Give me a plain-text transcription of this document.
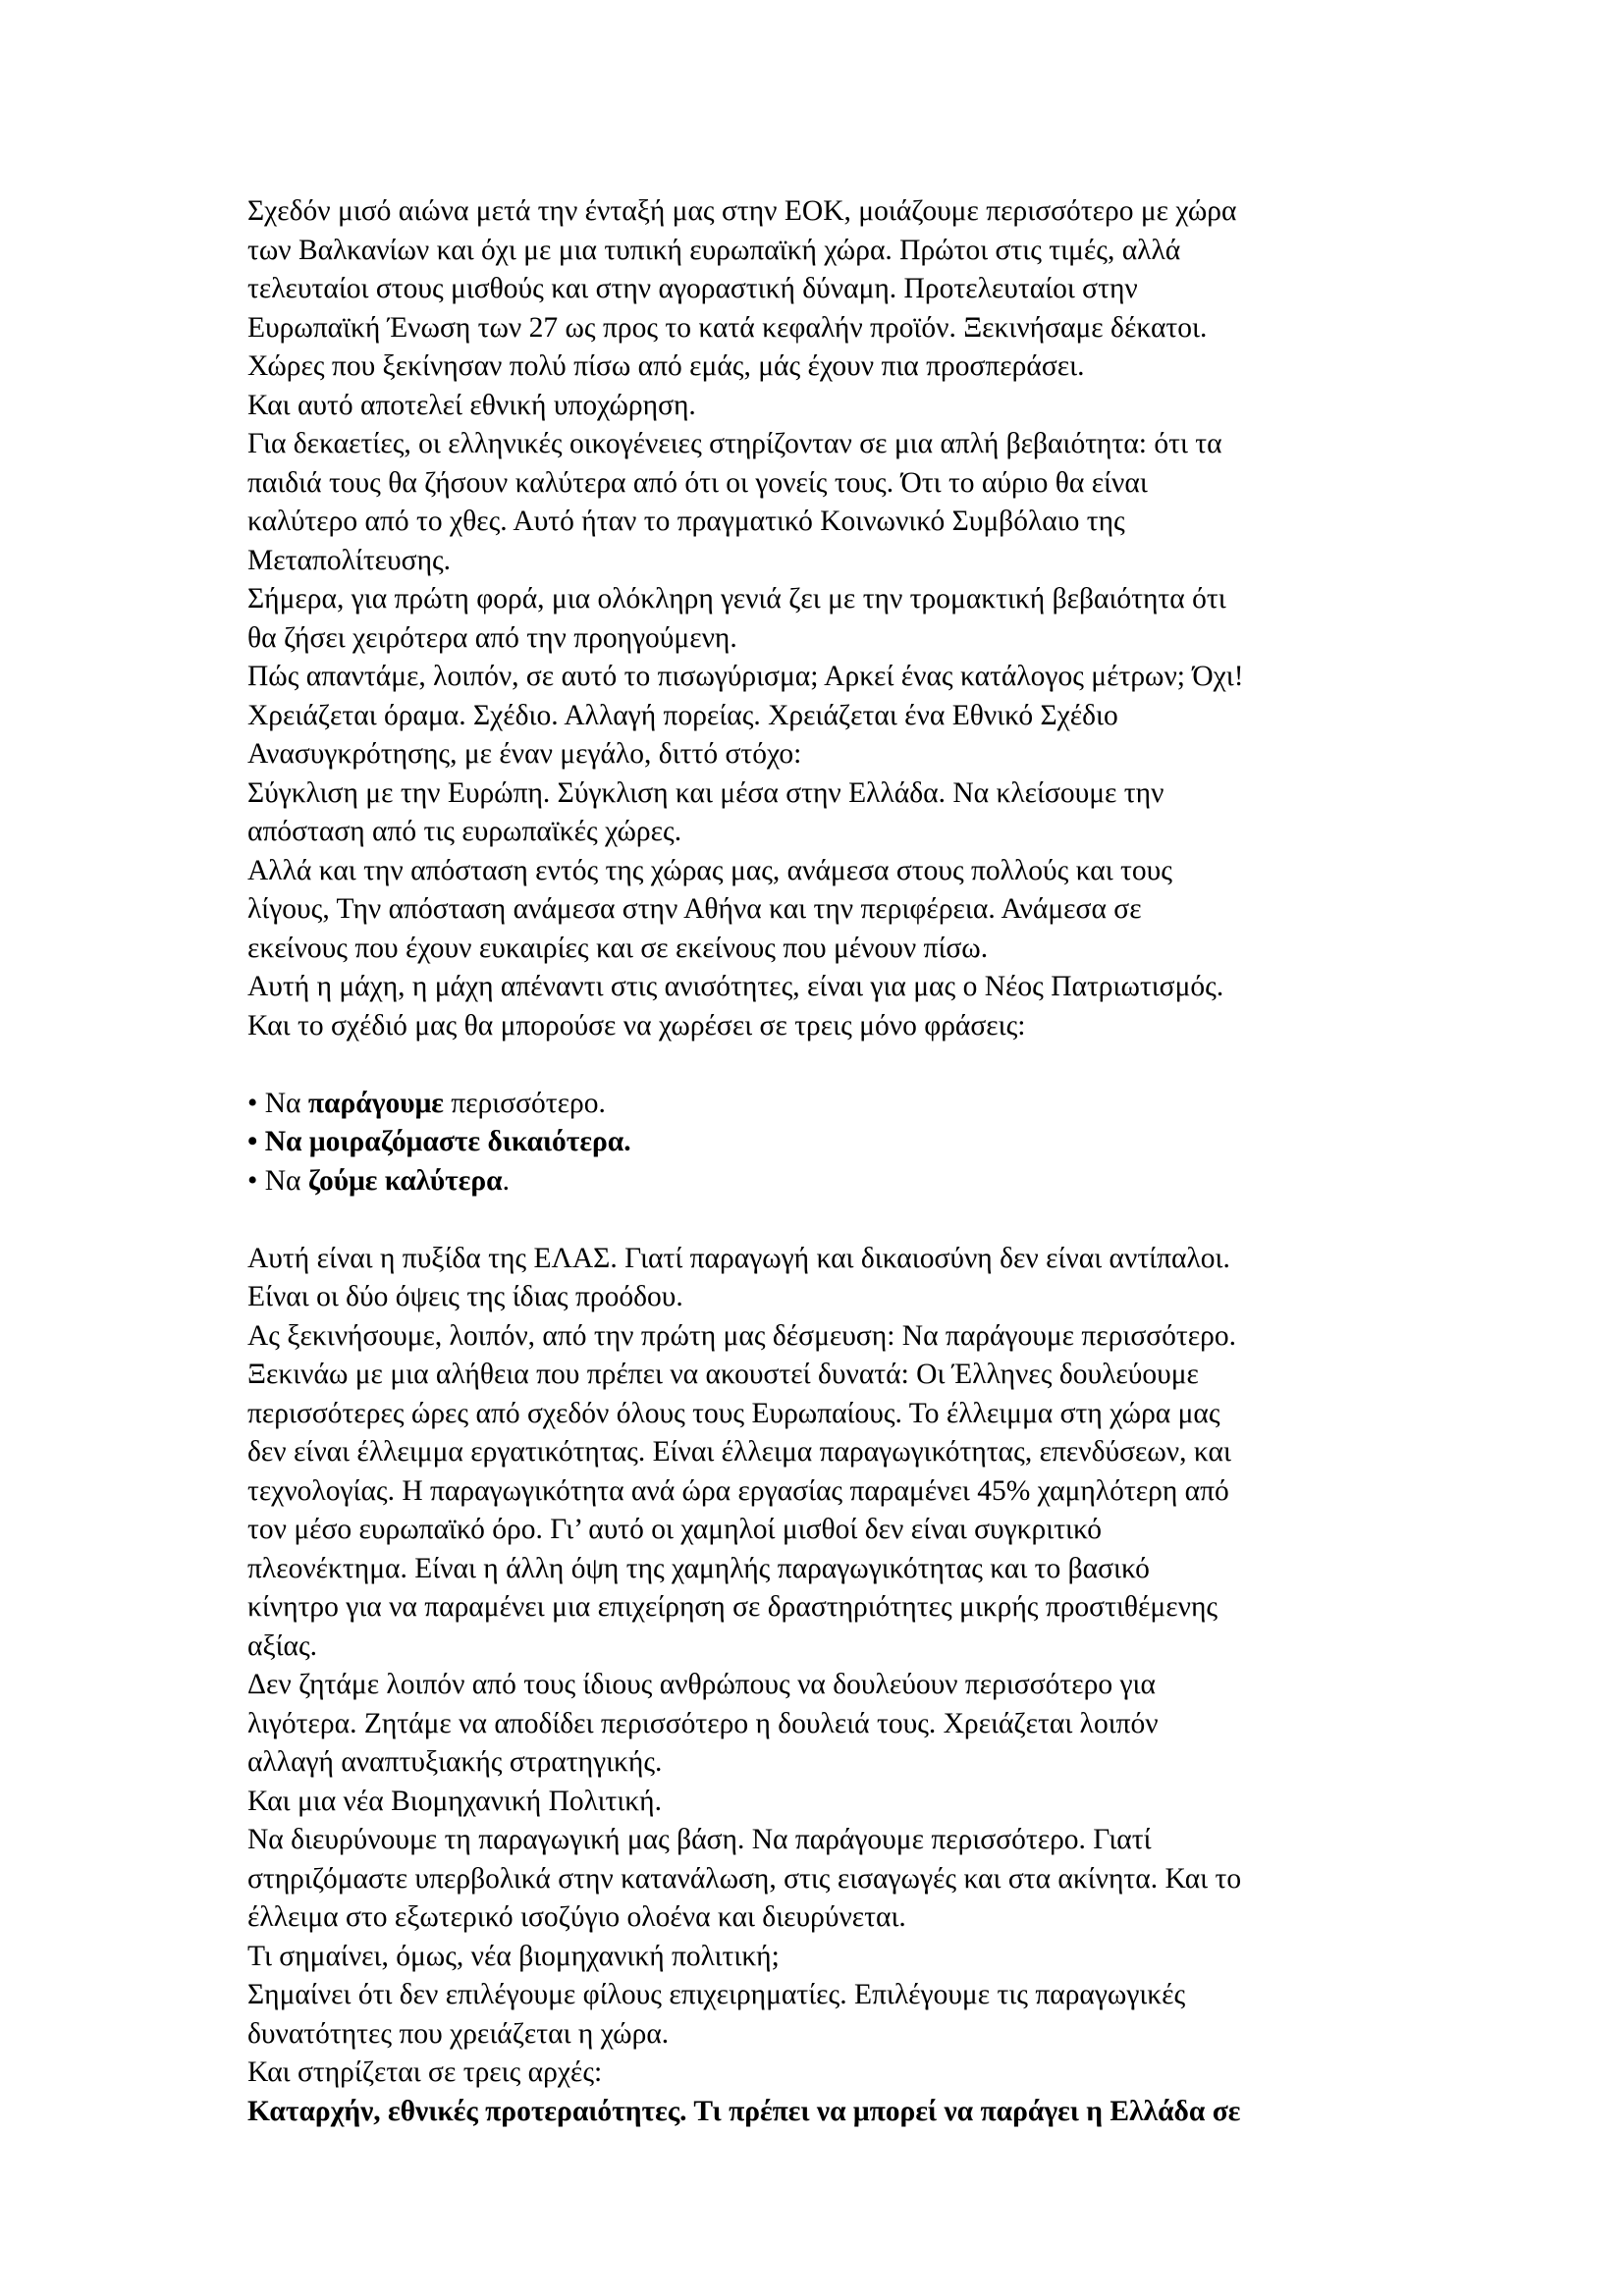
Σχεδόν μισό αιώνα μετά την ένταξή μας στην ΕΟΚ, μοιάζουμε περισσότερο με χώρα
των Βαλκανίων και όχι με μια τυπική ευρωπαϊκή χώρα. Πρώτοι στις τιμές, αλλά
τελευταίοι στους μισθούς και στην αγοραστική δύναμη. Προτελευταίοι στην
Ευρωπαϊκή Ένωση των 27 ως προς το κατά κεφαλήν προϊόν. Ξεκινήσαμε δέκατοι.
Χώρες που ξεκίνησαν πολύ πίσω από εμάς, μάς έχουν πια προσπεράσει.
Και αυτό αποτελεί εθνική υποχώρηση.
Για δεκαετίες, οι ελληνικές οικογένειες στηρίζονταν σε μια απλή βεβαιότητα: ότι τα
παιδιά τους θα ζήσουν καλύτερα από ότι οι γονείς τους. Ότι το αύριο θα είναι
καλύτερο από το χθες. Αυτό ήταν το πραγματικό Κοινωνικό Συμβόλαιο της
Μεταπολίτευσης.
Σήμερα, για πρώτη φορά, μια ολόκληρη γενιά ζει με την τρομακτική βεβαιότητα ότι
θα ζήσει χειρότερα από την προηγούμενη.
Πώς απαντάμε, λοιπόν, σε αυτό το πισωγύρισμα; Αρκεί ένας κατάλογος μέτρων; Όχι!
Χρειάζεται όραμα. Σχέδιο. Αλλαγή πορείας. Χρειάζεται ένα Εθνικό Σχέδιο
Ανασυγκρότησης, με έναν μεγάλο, διττό στόχο:
Σύγκλιση με την Ευρώπη. Σύγκλιση και μέσα στην Ελλάδα. Να κλείσουμε την
απόσταση από τις ευρωπαϊκές χώρες.
Αλλά και την απόσταση εντός της χώρας μας, ανάμεσα στους πολλούς και τους
λίγους, Την απόσταση ανάμεσα στην Αθήνα και την περιφέρεια. Ανάμεσα σε
εκείνους που έχουν ευκαιρίες και σε εκείνους που μένουν πίσω.
Αυτή η μάχη, η μάχη απέναντι στις ανισότητες, είναι για μας ο Νέος Πατριωτισμός.
Και το σχέδιό μας θα μπορούσε να χωρέσει σε τρεις μόνο φράσεις:
• Να παράγουμε περισσότερο.
• Να μοιραζόμαστε δικαιότερα.
• Να ζούμε καλύτερα.
Αυτή είναι η πυξίδα της ΕΛΑΣ. Γιατί παραγωγή και δικαιοσύνη δεν είναι αντίπαλοι.
Είναι οι δύο όψεις της ίδιας προόδου.
Ας ξεκινήσουμε, λοιπόν, από την πρώτη μας δέσμευση: Να παράγουμε περισσότερο.
Ξεκινάω με μια αλήθεια που πρέπει να ακουστεί δυνατά: Οι Έλληνες δουλεύουμε
περισσότερες ώρες από σχεδόν όλους τους Ευρωπαίους. Το έλλειμμα στη χώρα μας
δεν είναι έλλειμμα εργατικότητας. Είναι έλλειμα παραγωγικότητας, επενδύσεων, και
τεχνολογίας. Η παραγωγικότητα ανά ώρα εργασίας παραμένει 45% χαμηλότερη από
τον μέσο ευρωπαϊκό όρο. Γι’ αυτό οι χαμηλοί μισθοί δεν είναι συγκριτικό
πλεονέκτημα. Είναι η άλλη όψη της χαμηλής παραγωγικότητας και το βασικό
κίνητρο για να παραμένει μια επιχείρηση σε δραστηριότητες μικρής προστιθέμενης
αξίας.
Δεν ζητάμε λοιπόν από τους ίδιους ανθρώπους να δουλεύουν περισσότερο για
λιγότερα. Ζητάμε να αποδίδει περισσότερο η δουλειά τους. Χρειάζεται λοιπόν
αλλαγή αναπτυξιακής στρατηγικής.
Και μια νέα Βιομηχανική Πολιτική.
Να διευρύνουμε τη παραγωγική μας βάση. Να παράγουμε περισσότερο. Γιατί
στηριζόμαστε υπερβολικά στην κατανάλωση, στις εισαγωγές και στα ακίνητα. Και το
έλλειμα στο εξωτερικό ισοζύγιο ολοένα και διευρύνεται.
Τι σημαίνει, όμως, νέα βιομηχανική πολιτική;
Σημαίνει ότι δεν επιλέγουμε φίλους επιχειρηματίες. Επιλέγουμε τις παραγωγικές
δυνατότητες που χρειάζεται η χώρα.
Και στηρίζεται σε τρεις αρχές:
Καταρχήν, εθνικές προτεραιότητες. Τι πρέπει να μπορεί να παράγει η Ελλάδα σε
